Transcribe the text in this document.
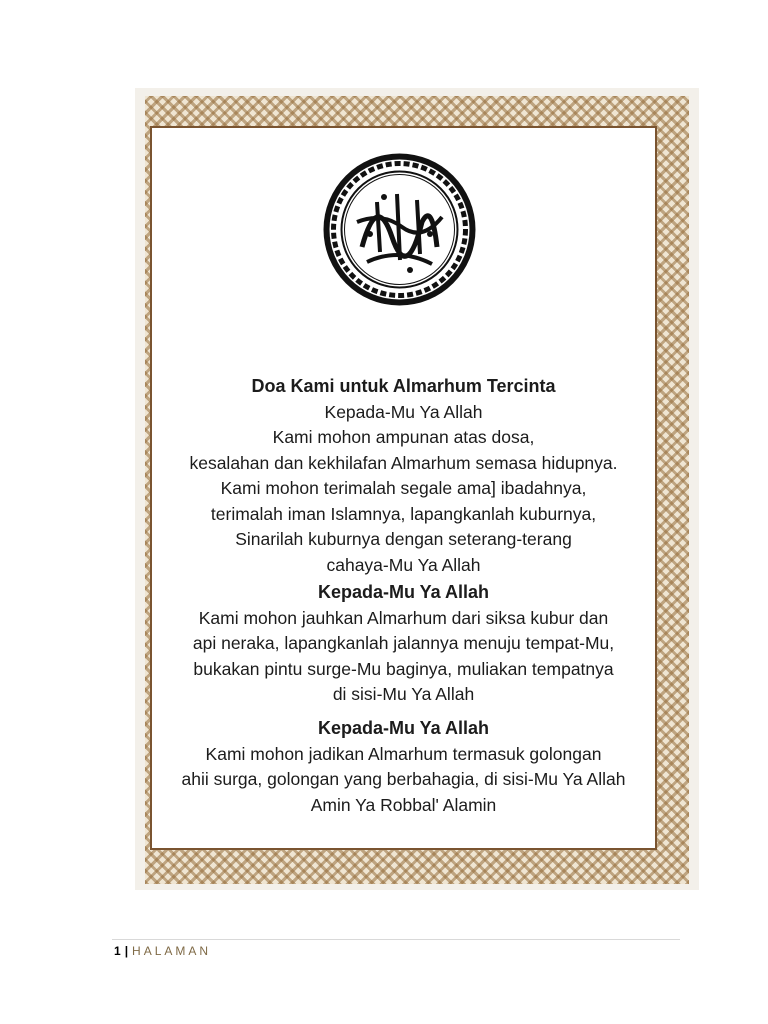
Doa Kami untuk Almarhum Tercinta
Kepada-Mu Ya Allah
Kami mohon ampunan atas dosa,
kesalahan dan kekhilafan Almarhum semasa hidupnya.
Kami mohon terimalah segale ama] ibadahnya,
terimalah iman Islamnya, lapangkanlah kuburnya,
Sinarilah kuburnya dengan seterang-terang
cahaya-Mu Ya Allah
Kepada-Mu Ya Allah
Kami mohon jauhkan Almarhum dari siksa kubur dan
api neraka, lapangkanlah jalannya menuju tempat-Mu,
bukakan pintu surge-Mu baginya, muliakan tempatnya
di sisi-Mu Ya Allah
Kepada-Mu Ya Allah
Kami mohon jadikan Almarhum termasuk golongan
ahii surga, golongan yang berbahagia, di sisi-Mu Ya Allah
Amin Ya Robbal' Alamin
1 | HALAMAN
